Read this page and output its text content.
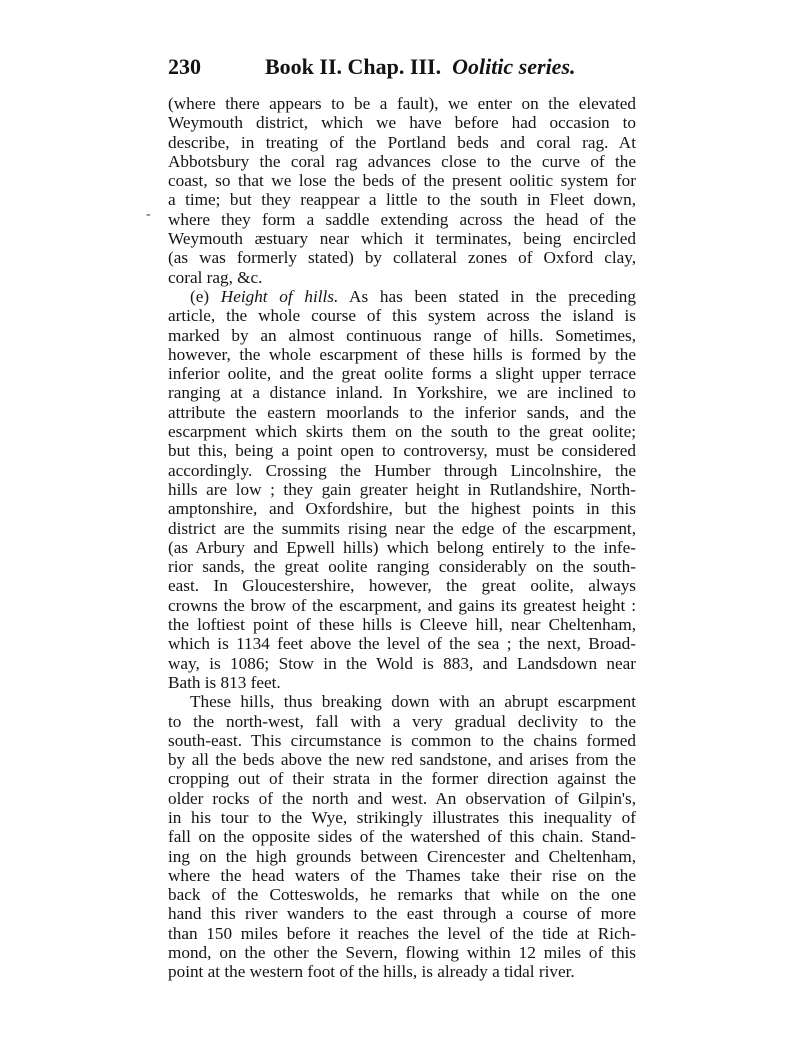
230	Book II. Chap. III. Oolitic series.
-
(where there appears to be a fault), we enter on the elevated
Weymouth district, which we have before had occasion to
describe, in treating of the Portland beds and coral rag. At
Abbotsbury the coral rag advances close to the curve of the
coast, so that we lose the beds of the present oolitic system for
a time; but they reappear a little to the south in Fleet down,
where they form a saddle extending across the head of the
Weymouth æstuary near which it terminates, being encircled
(as was formerly stated) by collateral zones of Oxford clay,
coral rag, &c.
(e) Height of hills. As has been stated in the preceding
article, the whole course of this system across the island is
marked by an almost continuous range of hills. Sometimes,
however, the whole escarpment of these hills is formed by the
inferior oolite, and the great oolite forms a slight upper terrace
ranging at a distance inland. In Yorkshire, we are inclined to
attribute the eastern moorlands to the inferior sands, and the
escarpment which skirts them on the south to the great oolite;
but this, being a point open to controversy, must be considered
accordingly. Crossing the Humber through Lincolnshire, the
hills are low ; they gain greater height in Rutlandshire, North-
amptonshire, and Oxfordshire, but the highest points in this
district are the summits rising near the edge of the escarpment,
(as Arbury and Epwell hills) which belong entirely to the infe-
rior sands, the great oolite ranging considerably on the south-
east. In Gloucestershire, however, the great oolite, always
crowns the brow of the escarpment, and gains its greatest height :
the loftiest point of these hills is Cleeve hill, near Cheltenham,
which is 1134 feet above the level of the sea ; the next, Broad-
way, is 1086; Stow in the Wold is 883, and Landsdown near
Bath is 813 feet.
These hills, thus breaking down with an abrupt escarpment
to the north-west, fall with a very gradual declivity to the
south-east. This circumstance is common to the chains formed
by all the beds above the new red sandstone, and arises from the
cropping out of their strata in the former direction against the
older rocks of the north and west. An observation of Gilpin's,
in his tour to the Wye, strikingly illustrates this inequality of
fall on the opposite sides of the watershed of this chain. Stand-
ing on the high grounds between Cirencester and Cheltenham,
where the head waters of the Thames take their rise on the
back of the Cotteswolds, he remarks that while on the one
hand this river wanders to the east through a course of more
than 150 miles before it reaches the level of the tide at Rich-
mond, on the other the Severn, flowing within 12 miles of this
point at the western foot of the hills, is already a tidal river.
